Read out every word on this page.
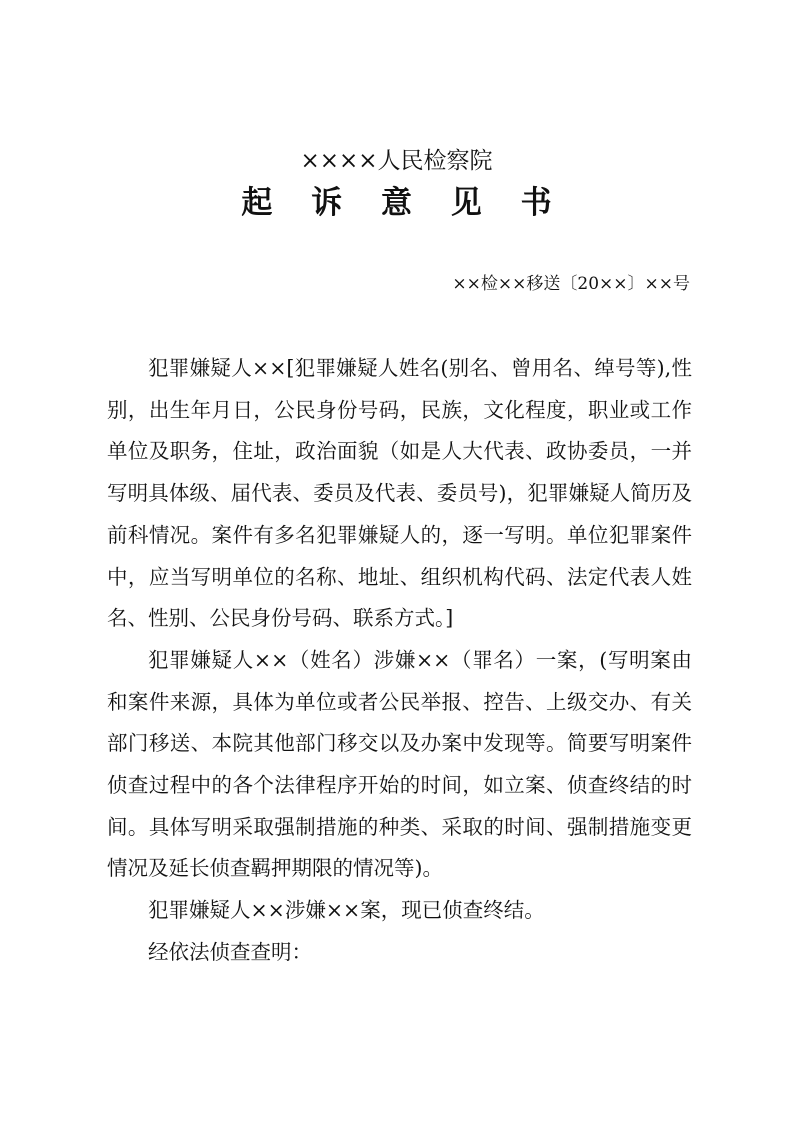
××××人民检察院
起 诉 意 见 书
××检××移送〔20××〕××号

犯罪嫌疑人××[犯罪嫌疑人姓名(别名、曾用名、绰号等),性别，出生年月日，公民身份号码，民族，文化程度，职业或工作单位及职务，住址，政治面貌（如是人大代表、政协委员，一并写明具体级、届代表、委员及代表、委员号)，犯罪嫌疑人简历及前科情况。案件有多名犯罪嫌疑人的，逐一写明。单位犯罪案件中，应当写明单位的名称、地址、组织机构代码、法定代表人姓名、性别、公民身份号码、联系方式。]

犯罪嫌疑人××（姓名）涉嫌××（罪名）一案，(写明案由和案件来源，具体为单位或者公民举报、控告、上级交办、有关部门移送、本院其他部门移交以及办案中发现等。简要写明案件侦查过程中的各个法律程序开始的时间，如立案、侦查终结的时间。具体写明采取强制措施的种类、采取的时间、强制措施变更情况及延长侦查羁押期限的情况等)。

犯罪嫌疑人××涉嫌××案，现已侦查终结。

经依法侦查查明：
